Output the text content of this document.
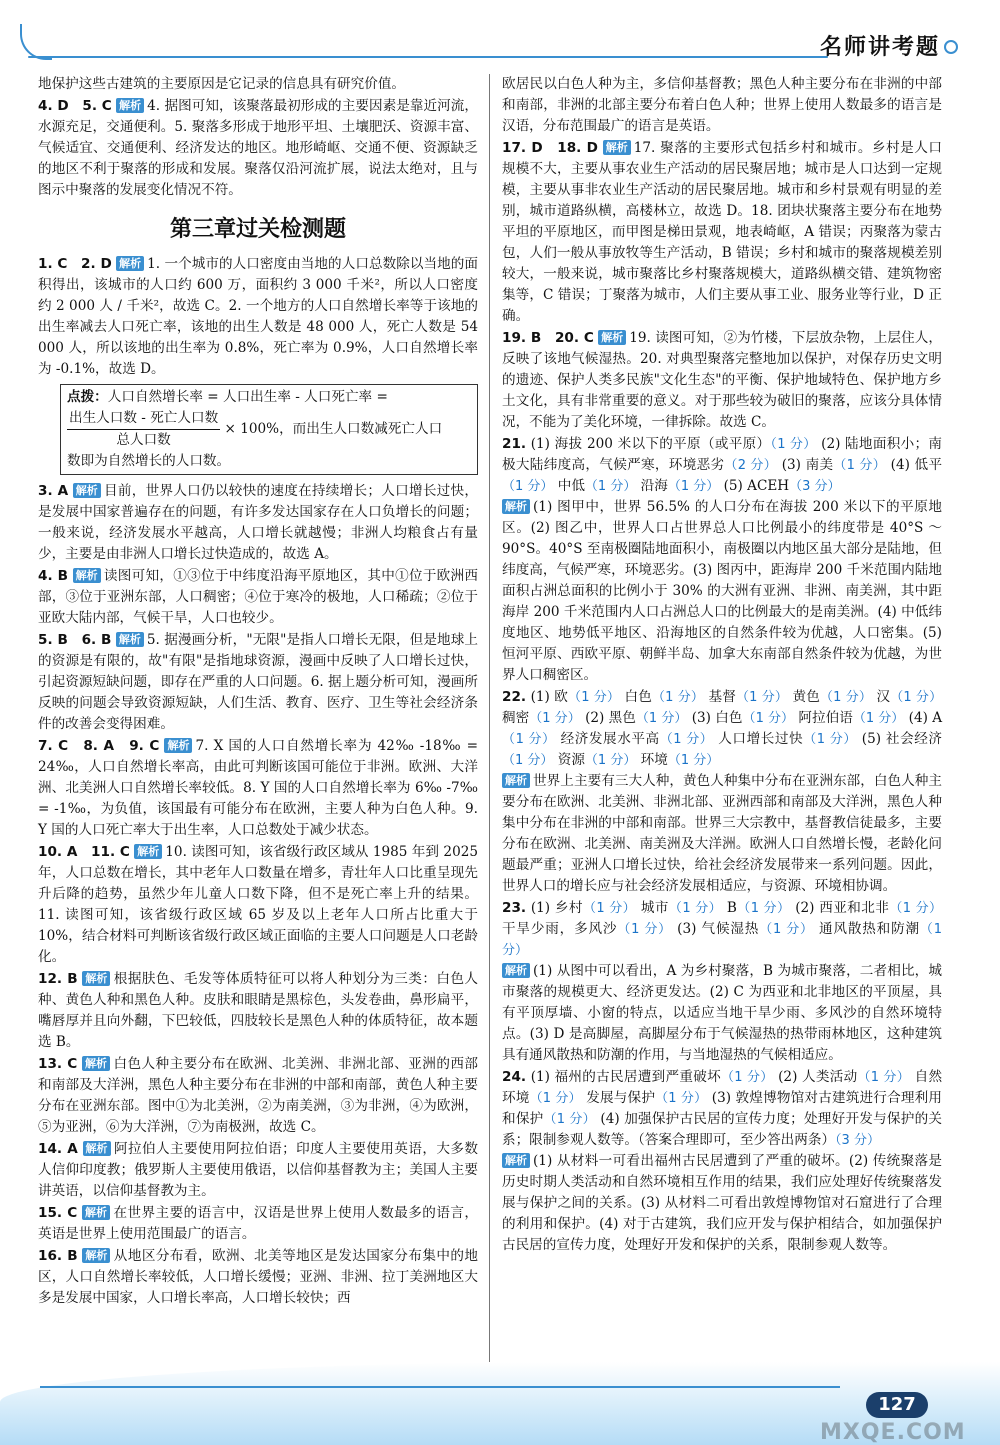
名师讲考题
地保护这些古建筑的主要原因是它记录的信息具有研究价值。
4. D　5. C 解析 4. 据图可知，该聚落最初形成的主要因素是靠近河流，水源充足，交通便利。5. 聚落多形成于地形平坦、土壤肥沃、资源丰富、气候适宜、交通便利、经济发达的地区。地形崎岖、交通不便、资源缺乏的地区不利于聚落的形成和发展。聚落仅沿河流扩展，说法太绝对，且与图示中聚落的发展变化情况不符。
第三章过关检测题
1. C　2. D 解析 1. 一个城市的人口密度由当地的人口总数除以当地的面积得出，该城市的人口约 600 万，面积约 3 000 千米²，所以人口密度约 2 000 人 / 千米²，故选 C。2. 一个地方的人口自然增长率等于该地的出生率减去人口死亡率，该地的出生人数是 48 000 人，死亡人数是 54 000 人，所以该地的出生率为 0.8%，死亡率为 0.9%，人口自然增长率为 -0.1%，故选 D。
点拨：人口自然增长率 = 人口出生率 - 人口死亡率 =
$\frac{\text{出生人口数 - 死亡人口数}}{\text{总人口数}} \times 100\%$，而出生人口数减死亡人口
数即为自然增长的人口数。
3. A 解析 目前，世界人口仍以较快的速度在持续增长；人口增长过快，是发展中国家普遍存在的问题，有许多发达国家存在人口负增长的问题；一般来说，经济发展水平越高，人口增长就越慢；非洲人均粮食占有量少，主要是由非洲人口增长过快造成的，故选 A。
4. B 解析 读图可知，①③位于中纬度沿海平原地区，其中①位于欧洲西部，③位于亚洲东部，人口稠密；④位于寒冷的极地，人口稀疏；②位于亚欧大陆内部，气候干旱，人口也较少。
5. B　6. B 解析 5. 据漫画分析，"无限"是指人口增长无限，但是地球上的资源是有限的，故"有限"是指地球资源，漫画中反映了人口增长过快，引起资源短缺问题，即存在严重的人口问题。6. 据上题分析可知，漫画所反映的问题会导致资源短缺，人们生活、教育、医疗、卫生等社会经济条件的改善会变得困难。
7. C　8. A　9. C 解析 7. X 国的人口自然增长率为 42‰ -18‰ = 24‰，人口自然增长率高，由此可判断该国可能位于非洲。欧洲、大洋洲、北美洲人口自然增长率较低。8. Y 国的人口自然增长率为 6‰ -7‰ = -1‰，为负值，该国最有可能分布在欧洲，主要人种为白色人种。9. Y 国的人口死亡率大于出生率，人口总数处于减少状态。
10. A　11. C 解析 10. 读图可知，该省级行政区域从 1985 年到 2025 年，人口总数在增长，其中老年人口数量在增多，青壮年人口比重呈现先升后降的趋势，虽然少年儿童人口数下降，但不是死亡率上升的结果。11. 读图可知，该省级行政区域 65 岁及以上老年人口所占比重大于 10%，结合材料可判断该省级行政区域正面临的主要人口问题是人口老龄化。
12. B 解析 根据肤色、毛发等体质特征可以将人种划分为三类：白色人种、黄色人种和黑色人种。皮肤和眼睛是黑棕色，头发卷曲，鼻形扁平，嘴唇厚并且向外翻，下巴较低，四肢较长是黑色人种的体质特征，故本题选 B。
13. C 解析 白色人种主要分布在欧洲、北美洲、非洲北部、亚洲的西部和南部及大洋洲，黑色人种主要分布在非洲的中部和南部，黄色人种主要分布在亚洲东部。图中①为北美洲，②为南美洲，③为非洲，④为欧洲，⑤为亚洲，⑥为大洋洲，⑦为南极洲，故选 C。
14. A 解析 阿拉伯人主要使用阿拉伯语；印度人主要使用英语，大多数人信仰印度教；俄罗斯人主要使用俄语，以信仰基督教为主；美国人主要讲英语，以信仰基督教为主。
15. C 解析 在世界主要的语言中，汉语是世界上使用人数最多的语言，英语是世界上使用范围最广的语言。
16. B 解析 从地区分布看，欧洲、北美等地区是发达国家分布集中的地区，人口自然增长率较低，人口增长缓慢；亚洲、非洲、拉丁美洲地区大多是发展中国家，人口增长率高，人口增长较快；西
欧居民以白色人种为主，多信仰基督教；黑色人种主要分布在非洲的中部和南部，非洲的北部主要分布着白色人种；世界上使用人数最多的语言是汉语，分布范围最广的语言是英语。
17. D　18. D 解析 17. 聚落的主要形式包括乡村和城市。乡村是人口规模不大，主要从事农业生产活动的居民聚居地；城市是人口达到一定规模，主要从事非农业生产活动的居民聚居地。城市和乡村景观有明显的差别，城市道路纵横，高楼林立，故选 D。18. 团块状聚落主要分布在地势平坦的平原地区，而甲图是梯田景观，地表崎岖，A 错误；丙聚落为蒙古包，人们一般从事放牧等生产活动，B 错误；乡村和城市的聚落规模差别较大，一般来说，城市聚落比乡村聚落规模大，道路纵横交错、建筑物密集等，C 错误；丁聚落为城市，人们主要从事工业、服务业等行业，D 正确。
19. B　20. C 解析 19. 读图可知，②为竹楼，下层放杂物，上层住人，反映了该地气候湿热。20. 对典型聚落完整地加以保护，对保存历史文明的遗迹、保护人类多民族"文化生态"的平衡、保护地域特色、保护地方乡土文化，具有非常重要的意义。对于那些较为破旧的聚落，应该分具体情况，不能为了美化环境，一律拆除。故选 C。
21. (1) 海拔 200 米以下的平原（或平原）（1 分） (2) 陆地面积小；南极大陆纬度高，气候严寒，环境恶劣（2 分） (3) 南美（1 分） (4) 低平（1 分） 中低（1 分） 沿海（1 分） (5) ACEH（3 分）
解析 (1) 图甲中，世界 56.5% 的人口分布在海拔 200 米以下的平原地区。(2) 图乙中，世界人口占世界总人口比例最小的纬度带是 40°S ～ 90°S。40°S 至南极圈陆地面积小，南极圈以内地区虽大部分是陆地，但纬度高，气候严寒，环境恶劣。(3) 图丙中，距海岸 200 千米范围内陆地面积占洲总面积的比例小于 30% 的大洲有亚洲、非洲、南美洲，其中距海岸 200 千米范围内人口占洲总人口的比例最大的是南美洲。(4) 中低纬度地区、地势低平地区、沿海地区的自然条件较为优越，人口密集。(5) 恒河平原、西欧平原、朝鲜半岛、加拿大东南部自然条件较为优越，为世界人口稠密区。
22. (1) 欧（1 分） 白色（1 分） 基督（1 分） 黄色（1 分） 汉（1 分） 稠密（1 分） (2) 黑色（1 分） (3) 白色（1 分） 阿拉伯语（1 分） (4) A（1 分） 经济发展水平高（1 分） 人口增长过快（1 分） (5) 社会经济（1 分） 资源（1 分） 环境（1 分）
解析 世界上主要有三大人种，黄色人种集中分布在亚洲东部，白色人种主要分布在欧洲、北美洲、非洲北部、亚洲西部和南部及大洋洲，黑色人种集中分布在非洲的中部和南部。世界三大宗教中，基督教信徒最多，主要分布在欧洲、北美洲、南美洲及大洋洲。欧洲人口自然增长慢，老龄化问题最严重；亚洲人口增长过快，给社会经济发展带来一系列问题。因此，世界人口的增长应与社会经济发展相适应，与资源、环境相协调。
23. (1) 乡村（1 分） 城市（1 分） B（1 分） (2) 西亚和北非（1 分） 干旱少雨，多风沙（1 分） (3) 气候湿热（1 分） 通风散热和防潮（1 分）
解析 (1) 从图中可以看出，A 为乡村聚落，B 为城市聚落，二者相比，城市聚落的规模更大、经济更发达。(2) C 为西亚和北非地区的平顶屋，具有平顶厚墙、小窗的特点，以适应当地干旱少雨、多风沙的自然环境特点。(3) D 是高脚屋，高脚屋分布于气候湿热的热带雨林地区，这种建筑具有通风散热和防潮的作用，与当地湿热的气候相适应。
24. (1) 福州的古民居遭到严重破坏（1 分） (2) 人类活动（1 分） 自然环境（1 分） 发展与保护（1 分） (3) 敦煌博物馆对古建筑进行合理利用和保护（1 分） (4) 加强保护古民居的宣传力度；处理好开发与保护的关系；限制参观人数等。（答案合理即可，至少答出两条）（3 分）
解析 (1) 从材料一可看出福州古民居遭到了严重的破坏。(2) 传统聚落是历史时期人类活动和自然环境相互作用的结果，我们应处理好传统聚落发展与保护之间的关系。(3) 从材料二可看出敦煌博物馆对石窟进行了合理的利用和保护。(4) 对于古建筑，我们应开发与保护相结合，如加强保护古民居的宣传力度，处理好开发和保护的关系，限制参观人数等。
127
MXQE.COM
